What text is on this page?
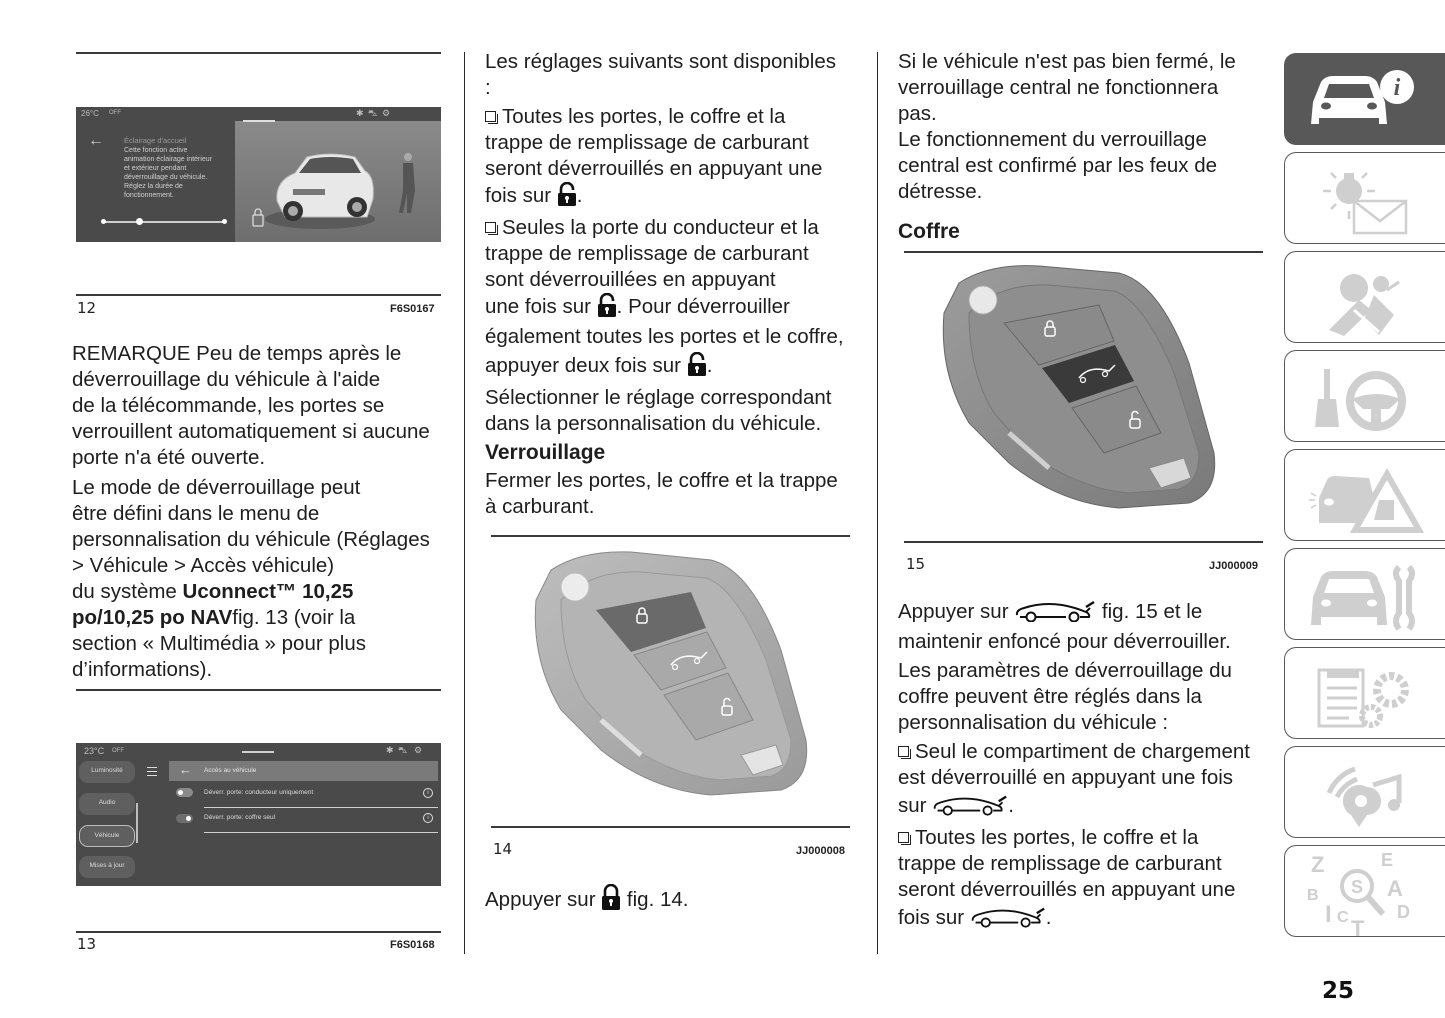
26°C OFF	✱ ⛍ ⚙
←	Éclairage d'accueil
Cette fonction active
animation éclairage intérieur
et extérieur pendant
déverrouillage du véhicule.
Réglez la durée de
fonctionnement.
12	F6S0167

REMARQUE Peu de temps après le

déverrouillage du véhicule à l'aide

de la télécommande, les portes se

verrouillent automatiquement si aucune

porte n'a été ouverte.

Le mode de déverrouillage peut

être défini dans le menu de

personnalisation du véhicule (Réglages

> Véhicule > Accès véhicule)

du système Uconnect™ 10,25

po/10,25 po NAVfig. 13 (voir la

section « Multimédia » pour plus

d’informations).

23°C OFF	✱ ⛍ ⚙
Luminosité
Audio
Véhicule
Mises à jour
← Accès au véhicule
Déverr. porte: conducteur uniquement	i
Déverr. porte: coffre seul	i
13	F6S0168

Les réglages suivants sont disponibles

:

Toutes les portes, le coffre et la

trappe de remplissage de carburant

seront déverrouillés en appuyant une

fois sur .

Seules la porte du conducteur et la

trappe de remplissage de carburant

sont déverrouillées en appuyant

une fois sur . Pour déverrouiller

également toutes les portes et le coffre,

appuyer deux fois sur .

Sélectionner le réglage correspondant

dans la personnalisation du véhicule.

Verrouillage

Fermer les portes, le coffre et la trappe

à carburant.

14	JJ000008
Appuyer sur  fig. 14.

Si le véhicule n'est pas bien fermé, le

verrouillage central ne fonctionnera

pas.

Le fonctionnement du verrouillage

central est confirmé par les feux de

détresse.

Coffre
15	JJ000009

Appuyer sur	fig. 15 et le

maintenir enfoncé pour déverrouiller.

Les paramètres de déverrouillage du

coffre peuvent être réglés dans la

personnalisation du véhicule :

Seul le compartiment de chargement

est déverrouillé en appuyant une fois

sur	.

Toutes les portes, le coffre et la

trappe de remplissage de carburant

seront déverrouillés en appuyant une

fois sur	.

i
Z	E
B	A
D
I C T
S
25
